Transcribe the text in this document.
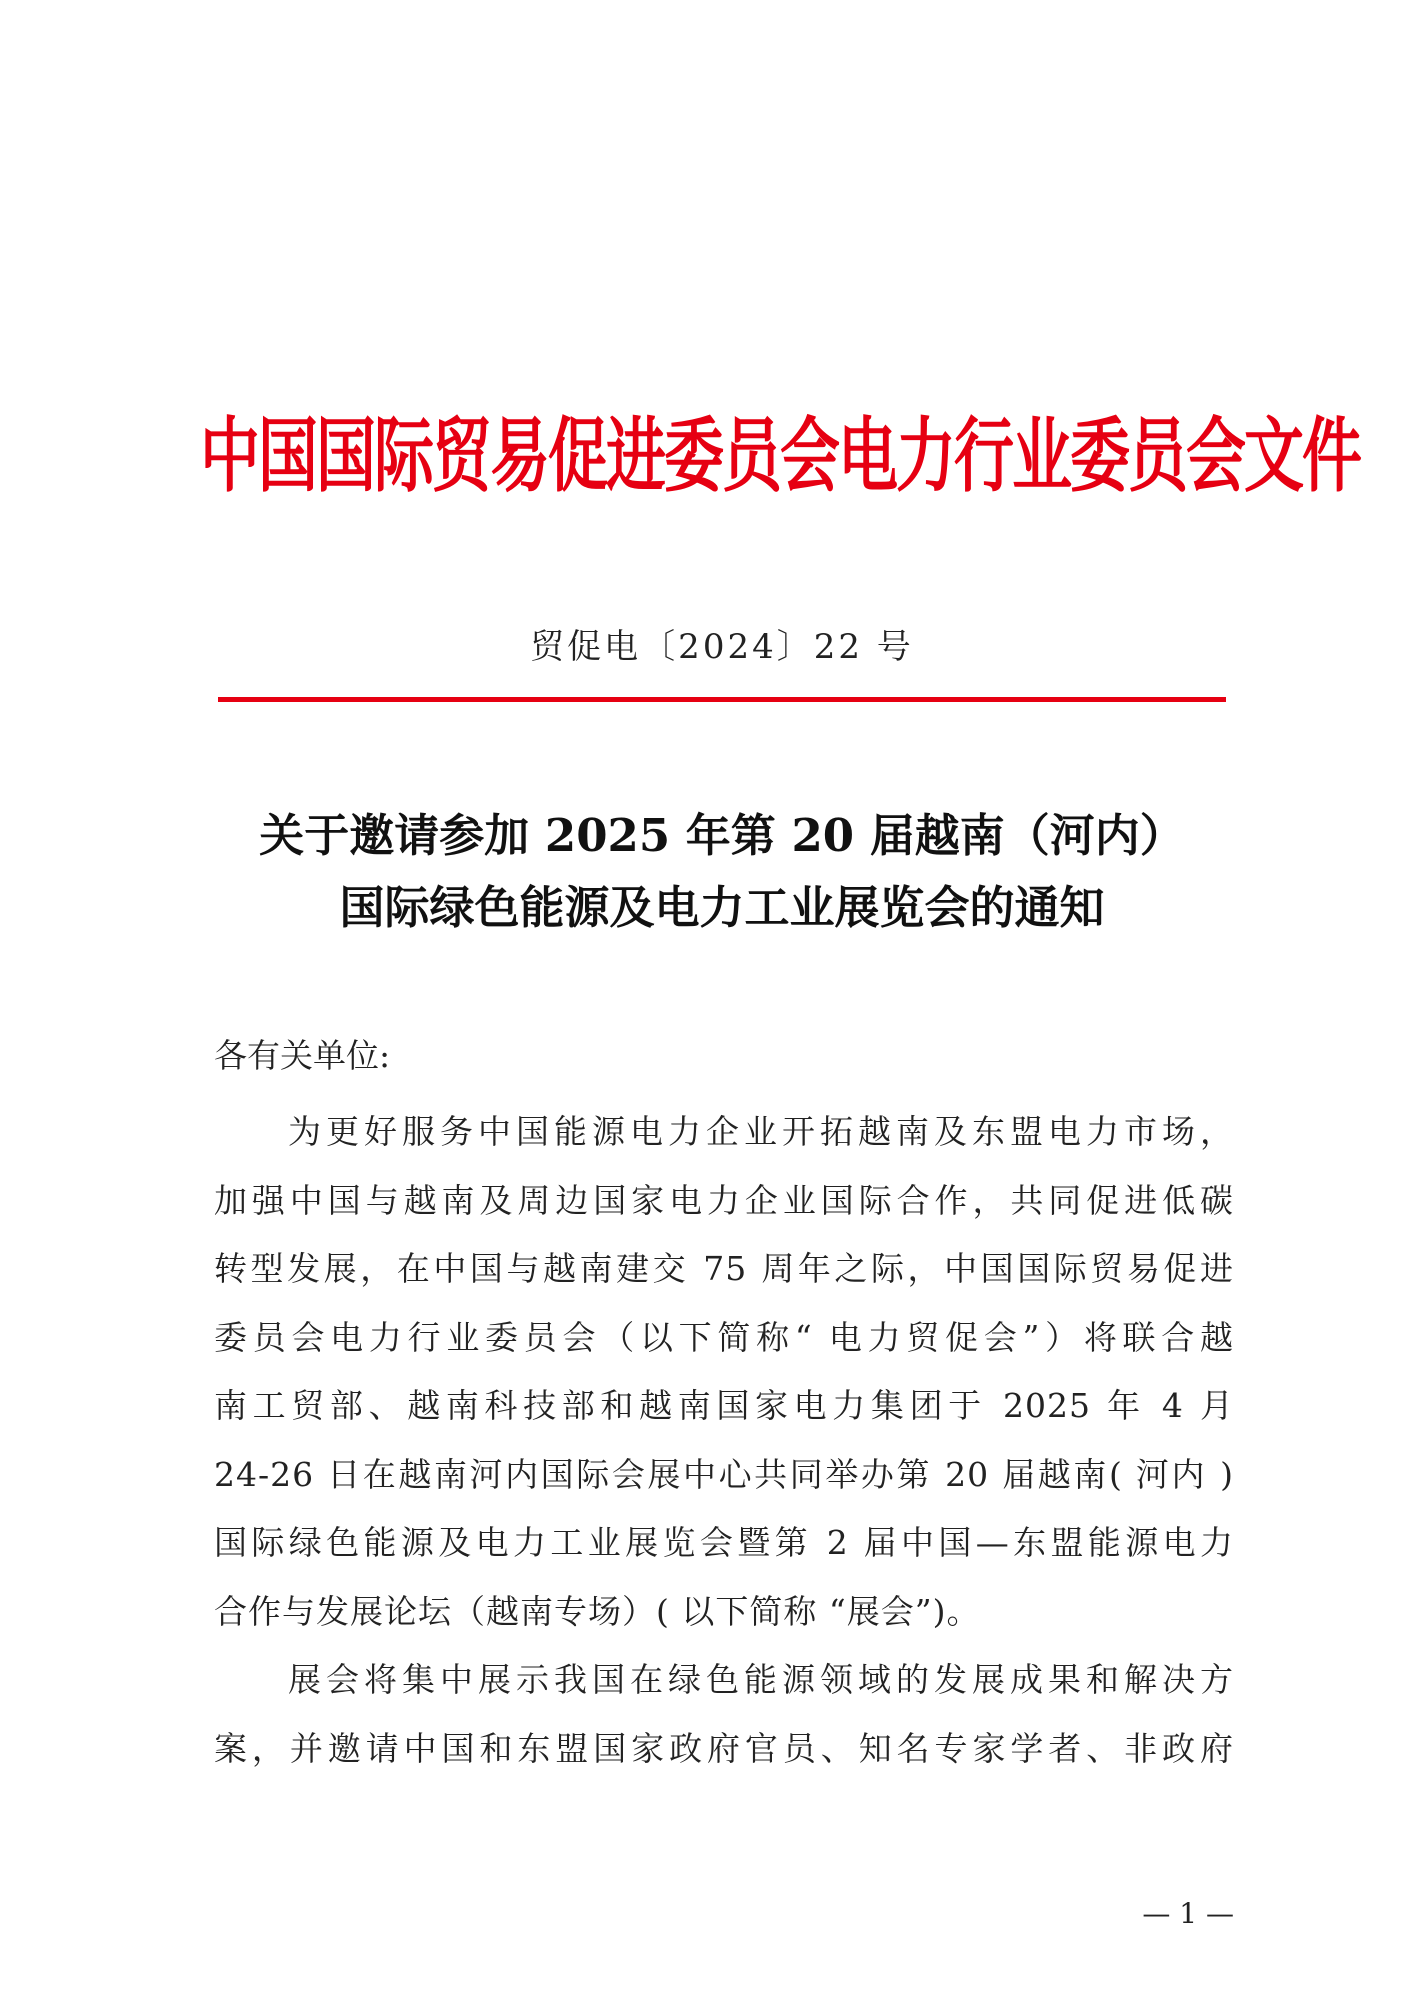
中国国际贸易促进委员会电力行业委员会文件
贸促电〔2024〕22 号
关于邀请参加 2025 年第 20 届越南（河内）
国际绿色能源及电力工业展览会的通知
各有关单位:
为更好服务中国能源电力企业开拓越南及东盟电力市场，
加强中国与越南及周边国家电力企业国际合作，共同促进低碳
转型发展，在中国与越南建交 75 周年之际，中国国际贸易促进
委员会电力行业委员会（以下简称“ 电力贸促会”）将联合越
南工贸部、越南科技部和越南国家电力集团于 2025 年 4 月
24-26 日在越南河内国际会展中心共同举办第 20 届越南( 河内 )
国际绿色能源及电力工业展览会暨第 2 届中国—东盟能源电力
合作与发展论坛（越南专场）( 以下简称 “展会”)。
展会将集中展示我国在绿色能源领域的发展成果和解决方
案，并邀请中国和东盟国家政府官员、知名专家学者、非政府
— 1 —
